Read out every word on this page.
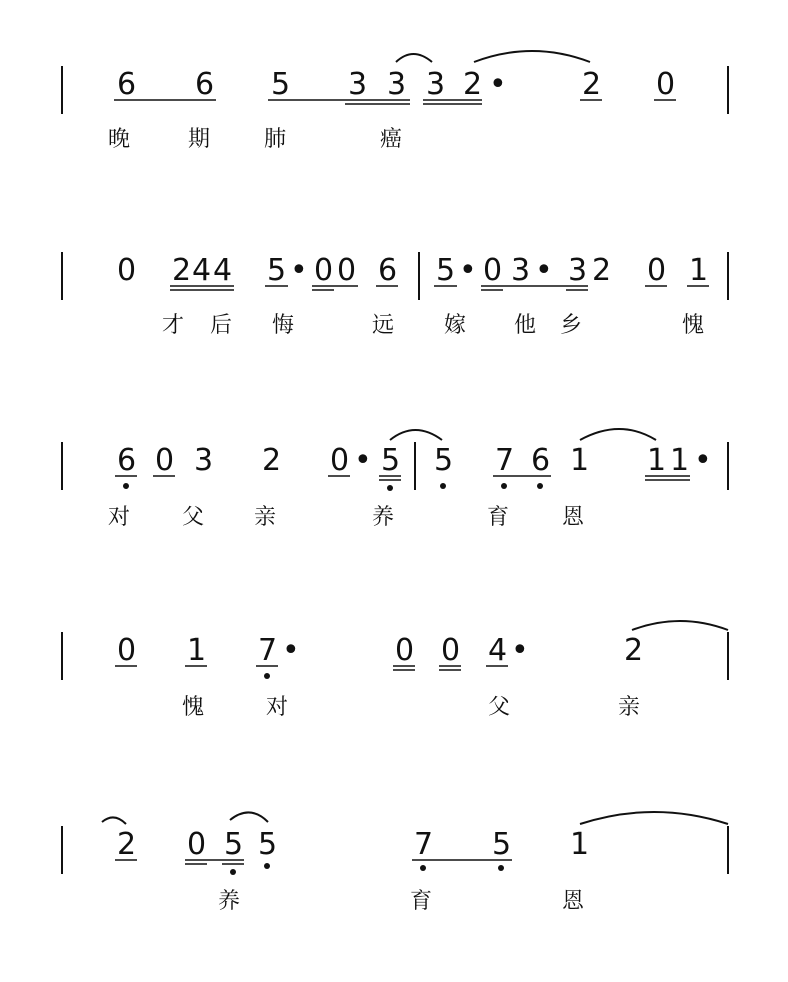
6 6 5 3 3 3 2 •	2 0
晚	期 肺	癌
0 2 4 4 5 • 0 0 6 5 • 0 3 • 3 2 0 1
才 后 悔	远 嫁 他 乡	愧
6 0 3 2 0 • 5 5 7 6 1 1 1 •
对 父 亲	养	育 恩
0 1 7 •	0 0 4 •	2
愧	对	父	亲
2 0 5 5	7 5 1
养	育	恩
